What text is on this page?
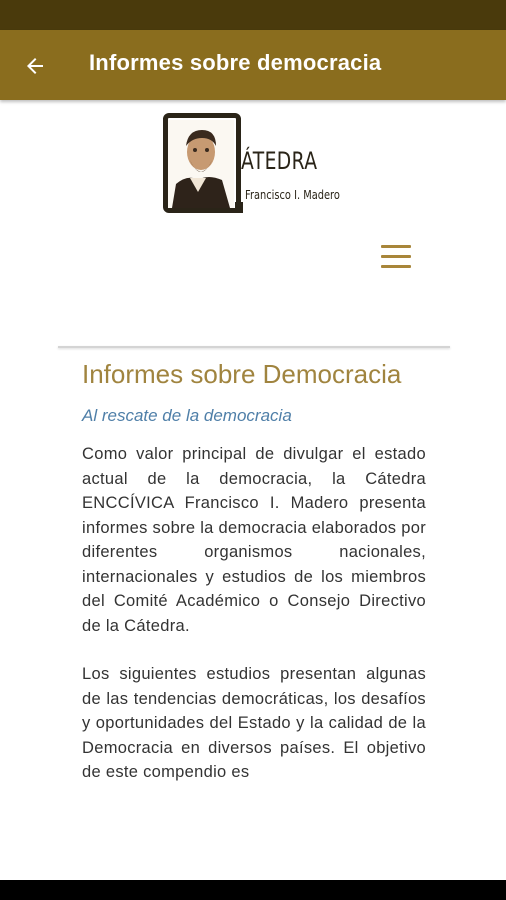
Informes sobre democracia
ÁTEDRA
Francisco I. Madero
Informes sobre Democracia
Al rescate de la democracia

Como valor principal de divulgar el estado actual de la democracia, la Cátedra ENCCÍVICA Francisco I. Madero presenta informes sobre la democracia elaborados por diferentes organismos nacionales, internacionales y estudios de los miembros del Comité Académico o Consejo Directivo de la Cátedra.

Los siguientes estudios presentan algunas de las tendencias democráticas, los desafíos y oportunidades del Estado y la calidad de la Democracia en diversos países. El objetivo de este compendio es
